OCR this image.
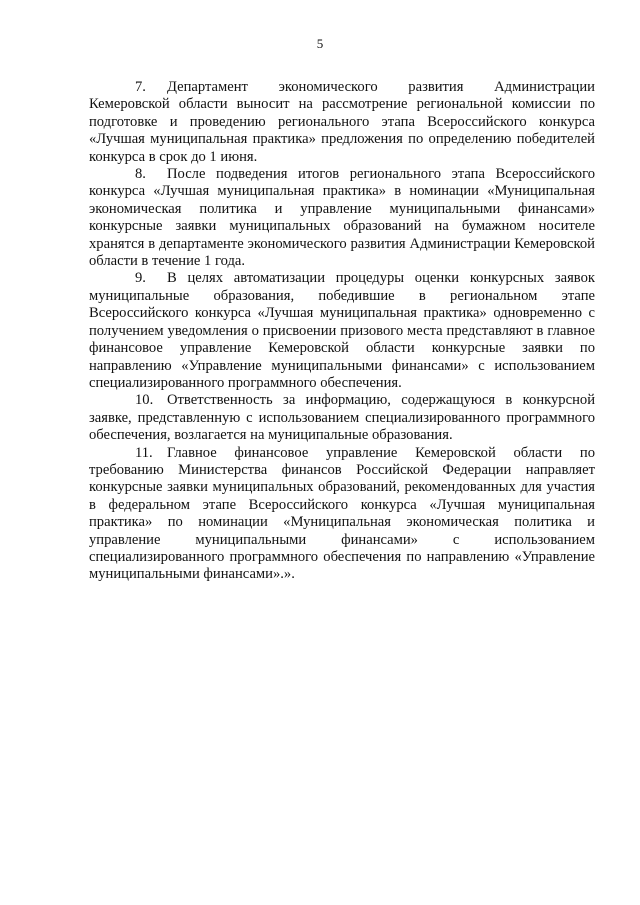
5

7. Департамент экономического развития Администрации Кемеровской области выносит на рассмотрение региональной комиссии по подготовке и проведению регионального этапа Всероссийского конкурса «Лучшая муниципальная практика» предложения по определению победителей конкурса в срок до 1 июня.

8. После подведения итогов регионального этапа Всероссийского конкурса «Лучшая муниципальная практика» в номинации «Муниципальная экономическая политика и управление муниципальными финансами» конкурсные заявки муниципальных образований на бумажном носителе хранятся в департаменте экономического развития Администрации Кемеровской области в течение 1 года.

9. В целях автоматизации процедуры оценки конкурсных заявок муниципальные образования, победившие в региональном этапе Всероссийского конкурса «Лучшая муниципальная практика» одновременно с получением уведомления о присвоении призового места представляют в главное финансовое управление Кемеровской области конкурсные заявки по направлению «Управление муниципальными финансами» с использованием специализированного программного обеспечения.

10. Ответственность за информацию, содержащуюся в конкурсной заявке, представленную с использованием специализированного программного обеспечения, возлагается на муниципальные образования.

11. Главное финансовое управление Кемеровской области по требованию Министерства финансов Российской Федерации направляет конкурсные заявки муниципальных образований, рекомендованных для участия в федеральном этапе Всероссийского конкурса «Лучшая муниципальная практика» по номинации «Муниципальная экономическая политика и управление муниципальными финансами» с использованием специализированного программного обеспечения по направлению «Управление муниципальными финансами».».
